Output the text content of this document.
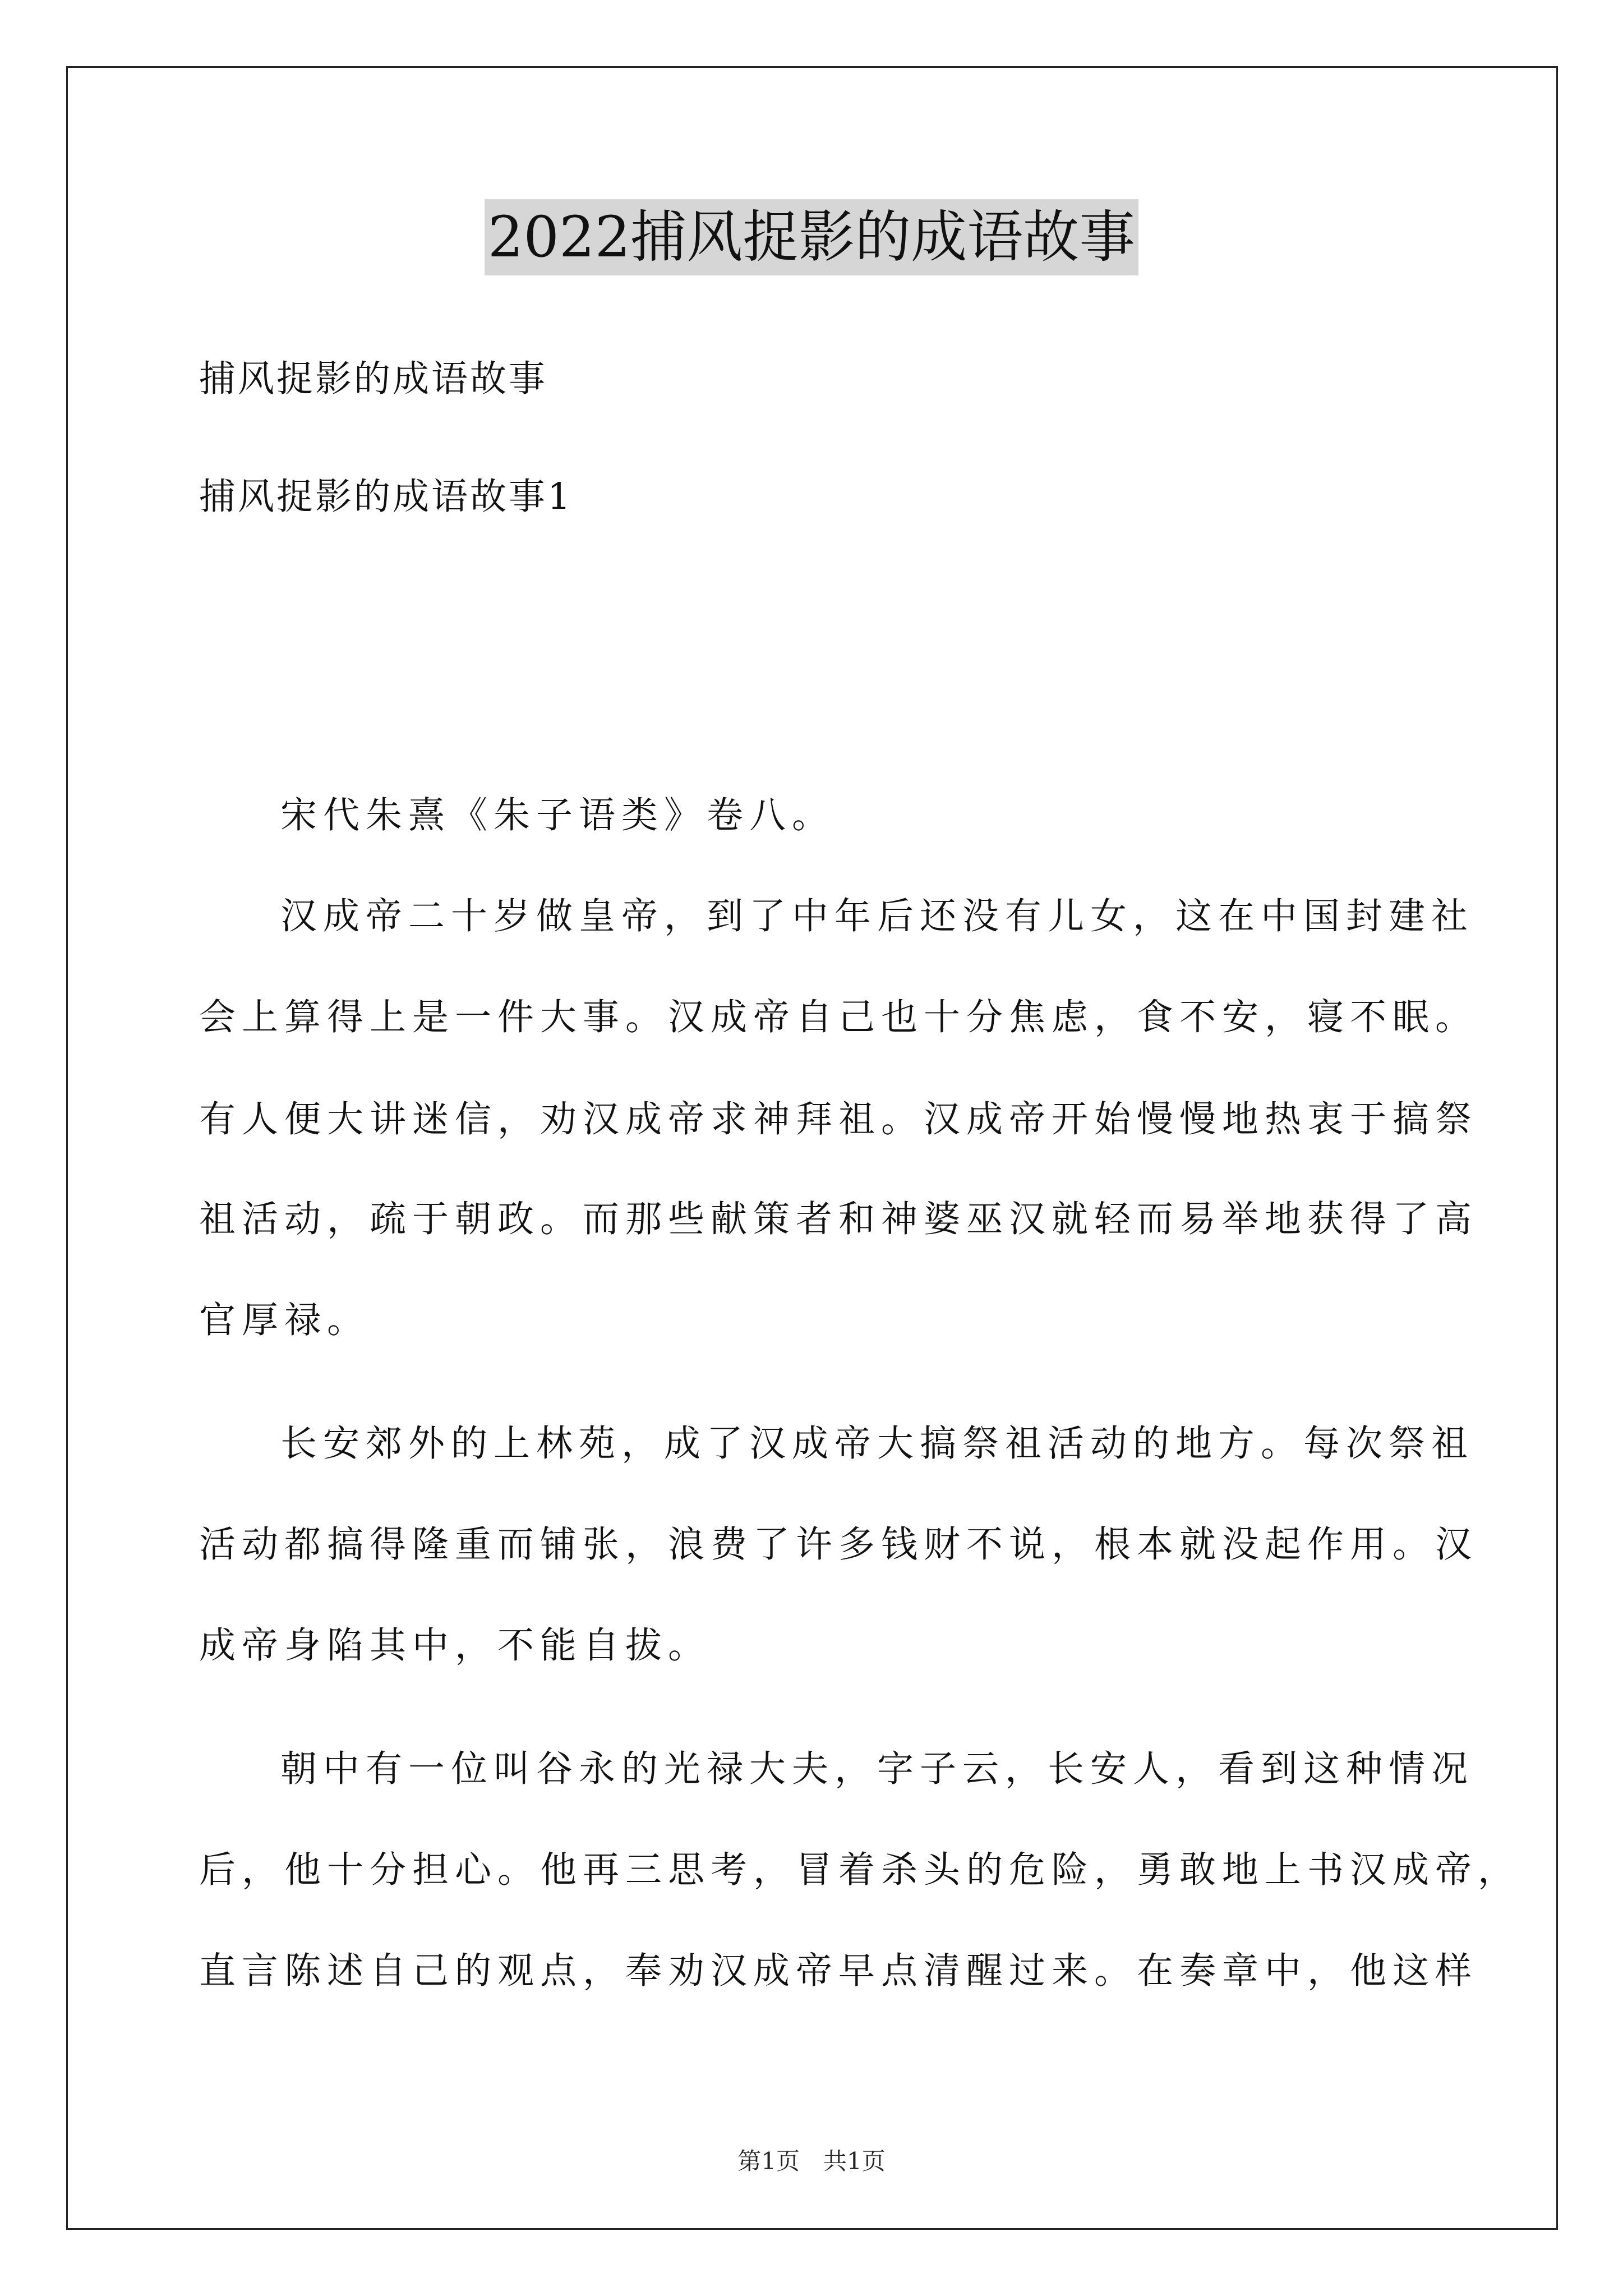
2022捕风捉影的成语故事
捕风捉影的成语故事
捕风捉影的成语故事1
宋代朱熹《朱子语类》卷八。
汉成帝二十岁做皇帝，到了中年后还没有儿女，这在中国封建社
会上算得上是一件大事。汉成帝自己也十分焦虑，食不安，寝不眠。
有人便大讲迷信，劝汉成帝求神拜祖。汉成帝开始慢慢地热衷于搞祭
祖活动，疏于朝政。而那些献策者和神婆巫汉就轻而易举地获得了高
官厚禄。
长安郊外的上林苑，成了汉成帝大搞祭祖活动的地方。每次祭祖
活动都搞得隆重而铺张，浪费了许多钱财不说，根本就没起作用。汉
成帝身陷其中，不能自拔。
朝中有一位叫谷永的光禄大夫，字子云，长安人，看到这种情况
后，他十分担心。他再三思考，冒着杀头的危险，勇敢地上书汉成帝，
直言陈述自己的观点，奉劝汉成帝早点清醒过来。在奏章中，他这样
第1页　共1页
